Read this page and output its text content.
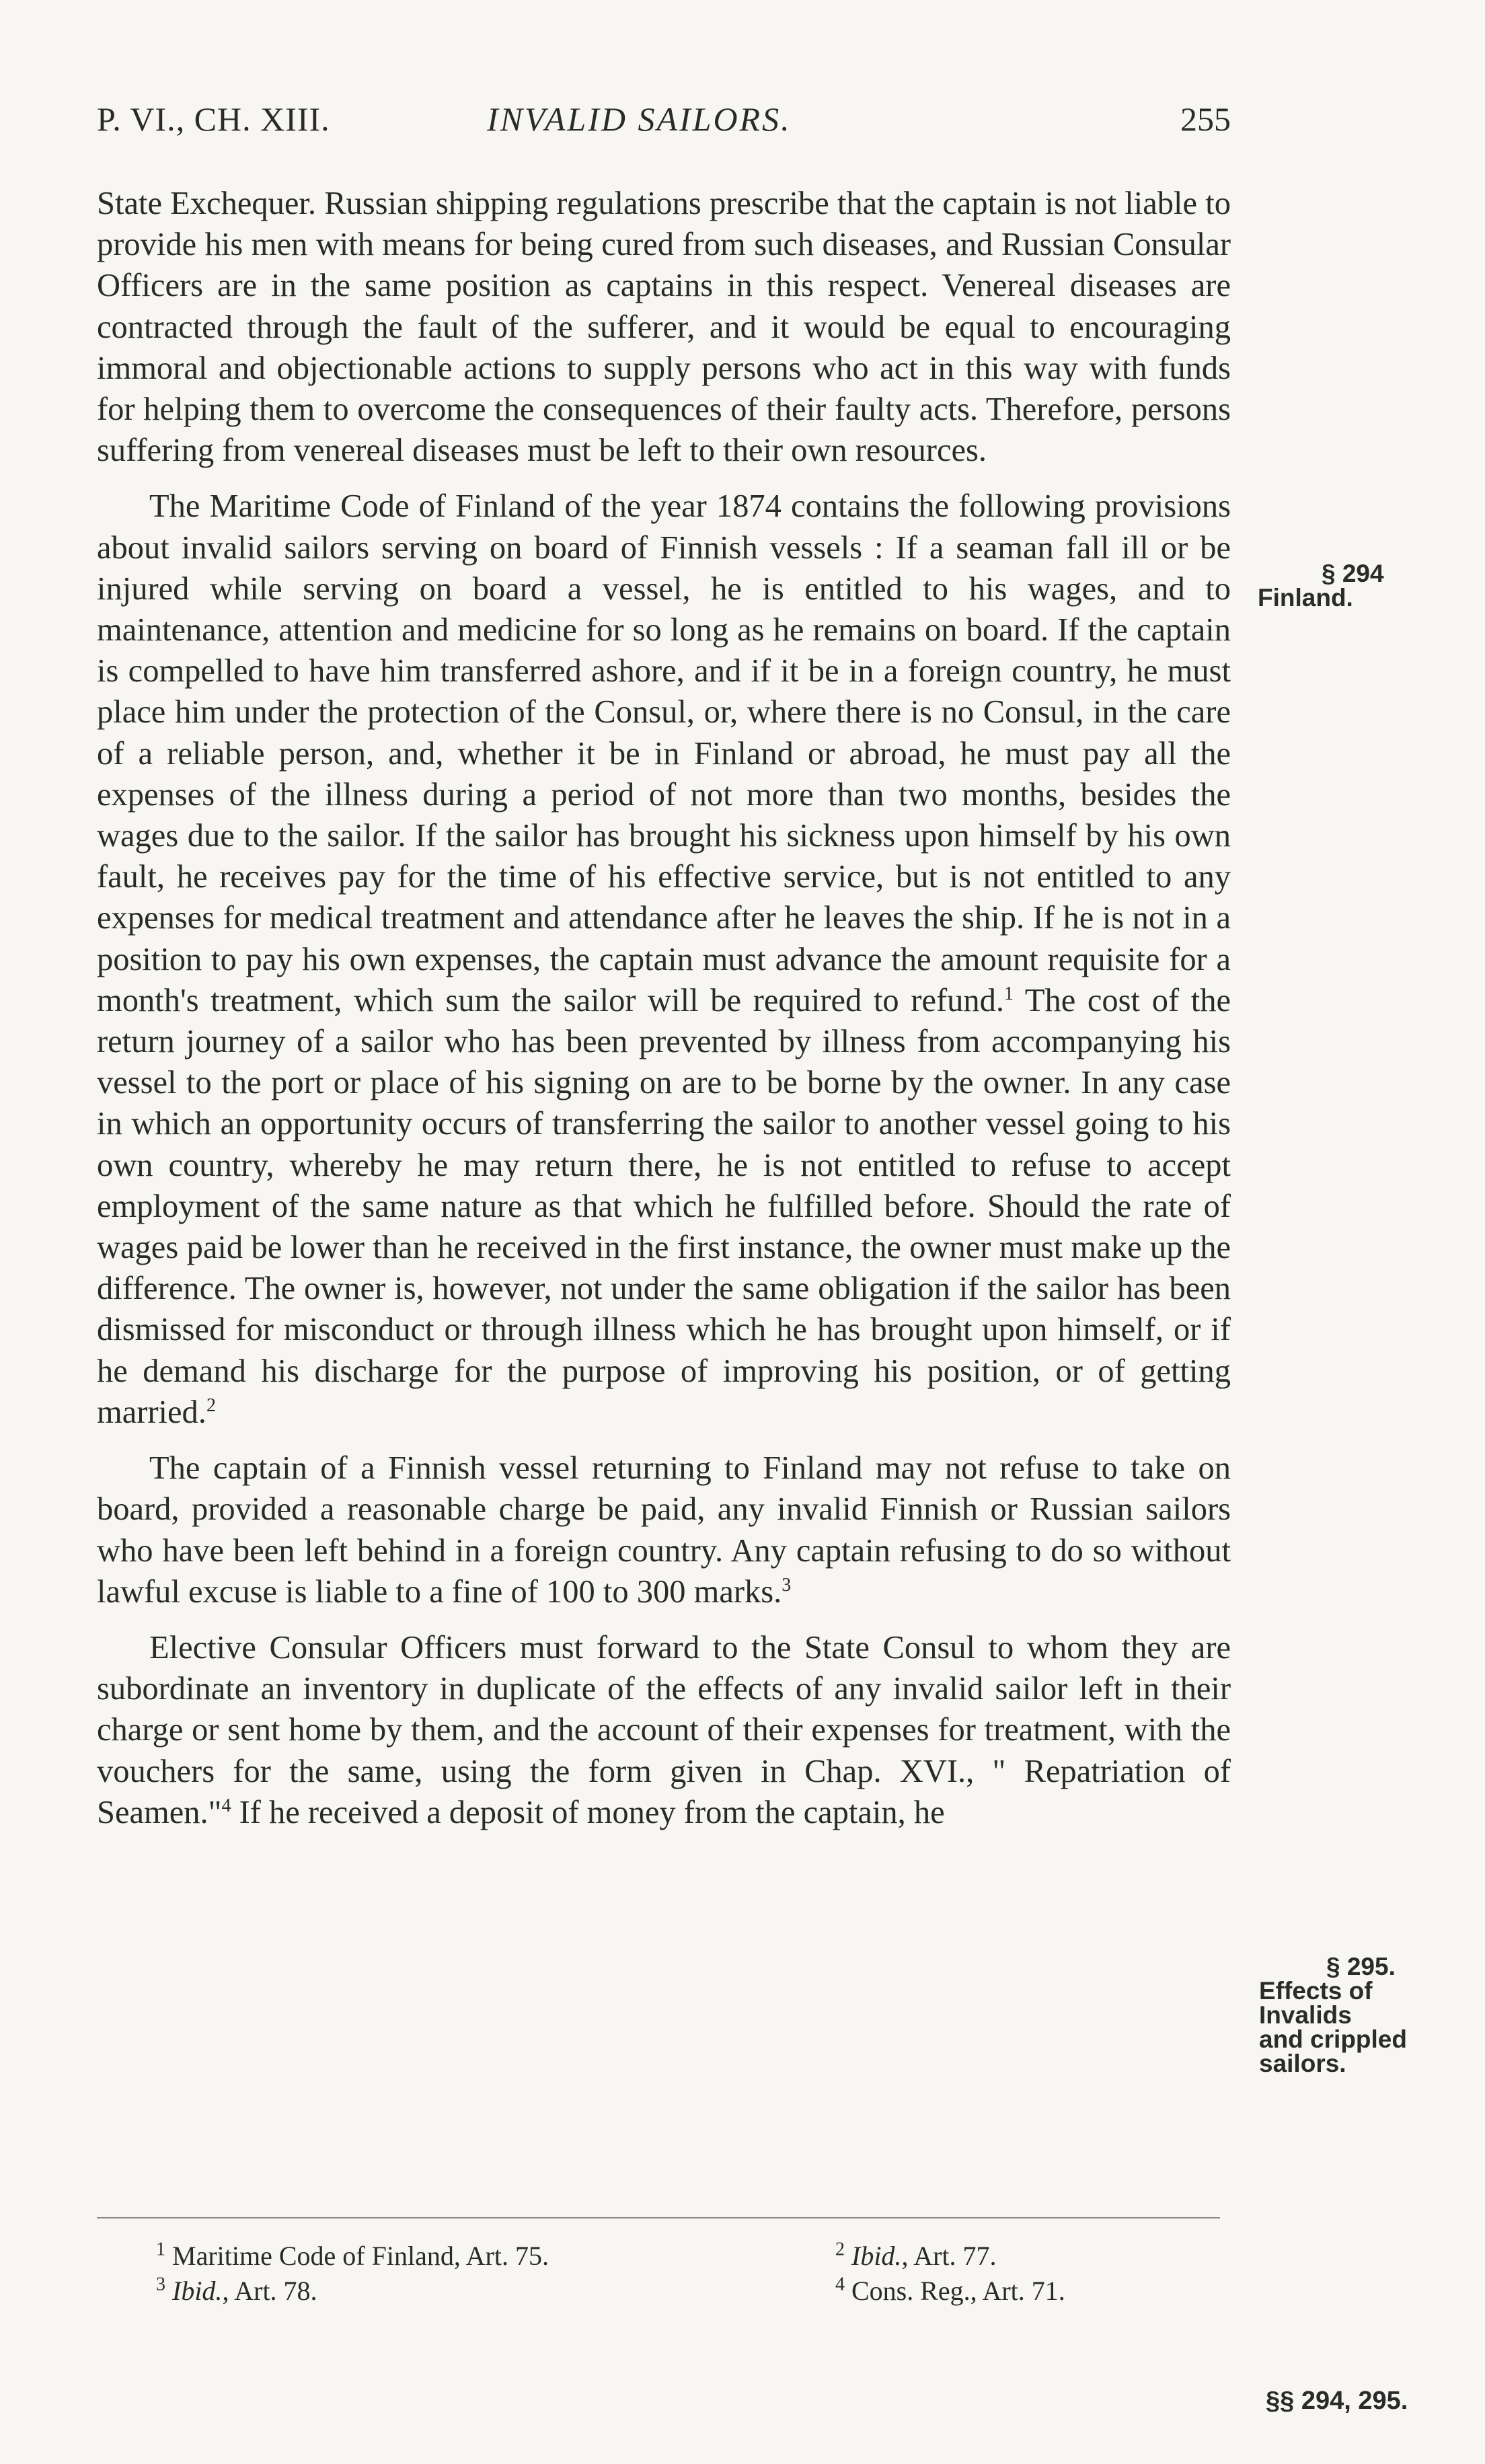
P. VI., CH. XIII.	INVALID SAILORS.	255

State Exchequer. Russian shipping regulations prescribe that the captain is not liable to provide his men with means for being cured from such diseases, and Russian Consular Officers are in the same position as captains in this respect. Venereal diseases are contracted through the fault of the sufferer, and it would be equal to encouraging immoral and objectionable actions to supply persons who act in this way with funds for helping them to overcome the consequences of their faulty acts. Therefore, persons suffering from venereal diseases must be left to their own resources.

The Maritime Code of Finland of the year 1874 contains the following provisions about invalid sailors serving on board of Finnish vessels : If a seaman fall ill or be injured while serving on board a vessel, he is entitled to his wages, and to maintenance, attention and medicine for so long as he remains on board. If the captain is compelled to have him transferred ashore, and if it be in a foreign country, he must place him under the protection of the Consul, or, where there is no Consul, in the care of a reliable person, and, whether it be in Finland or abroad, he must pay all the expenses of the illness during a period of not more than two months, besides the wages due to the sailor. If the sailor has brought his sickness upon himself by his own fault, he receives pay for the time of his effective service, but is not entitled to any expenses for medical treatment and attendance after he leaves the ship. If he is not in a position to pay his own expenses, the captain must advance the amount requisite for a month's treatment, which sum the sailor will be required to refund.$^1$ The cost of the return journey of a sailor who has been prevented by illness from accompanying his vessel to the port or place of his signing on are to be borne by the owner. In any case in which an opportunity occurs of transferring the sailor to another vessel going to his own country, whereby he may return there, he is not entitled to refuse to accept employment of the same nature as that which he fulfilled before. Should the rate of wages paid be lower than he received in the first instance, the owner must make up the difference. The owner is, however, not under the same obligation if the sailor has been dismissed for misconduct or through illness which he has brought upon himself, or if he demand his discharge for the purpose of improving his position, or of getting married.$^2$

The captain of a Finnish vessel returning to Finland may not refuse to take on board, provided a reasonable charge be paid, any invalid Finnish or Russian sailors who have been left behind in a foreign country. Any captain refusing to do so without lawful excuse is liable to a fine of 100 to 300 marks.$^3$

Elective Consular Officers must forward to the State Consul to whom they are subordinate an inventory in duplicate of the effects of any invalid sailor left in their charge or sent home by them, and the account of their expenses for treatment, with the vouchers for the same, using the form given in Chap. XVI., " Repatriation of Seamen."$^4$ If he received a deposit of money from the captain, he

§ 294
Finland.
§ 295.
Effects of
Invalids
and crippled
sailors.
$^1$ Maritime Code of Finland, Art. 75.	$^2$ Ibid., Art. 77.
$^3$ Ibid., Art. 78.	$^4$ Cons. Reg., Art. 71.
§§ 294, 295.
